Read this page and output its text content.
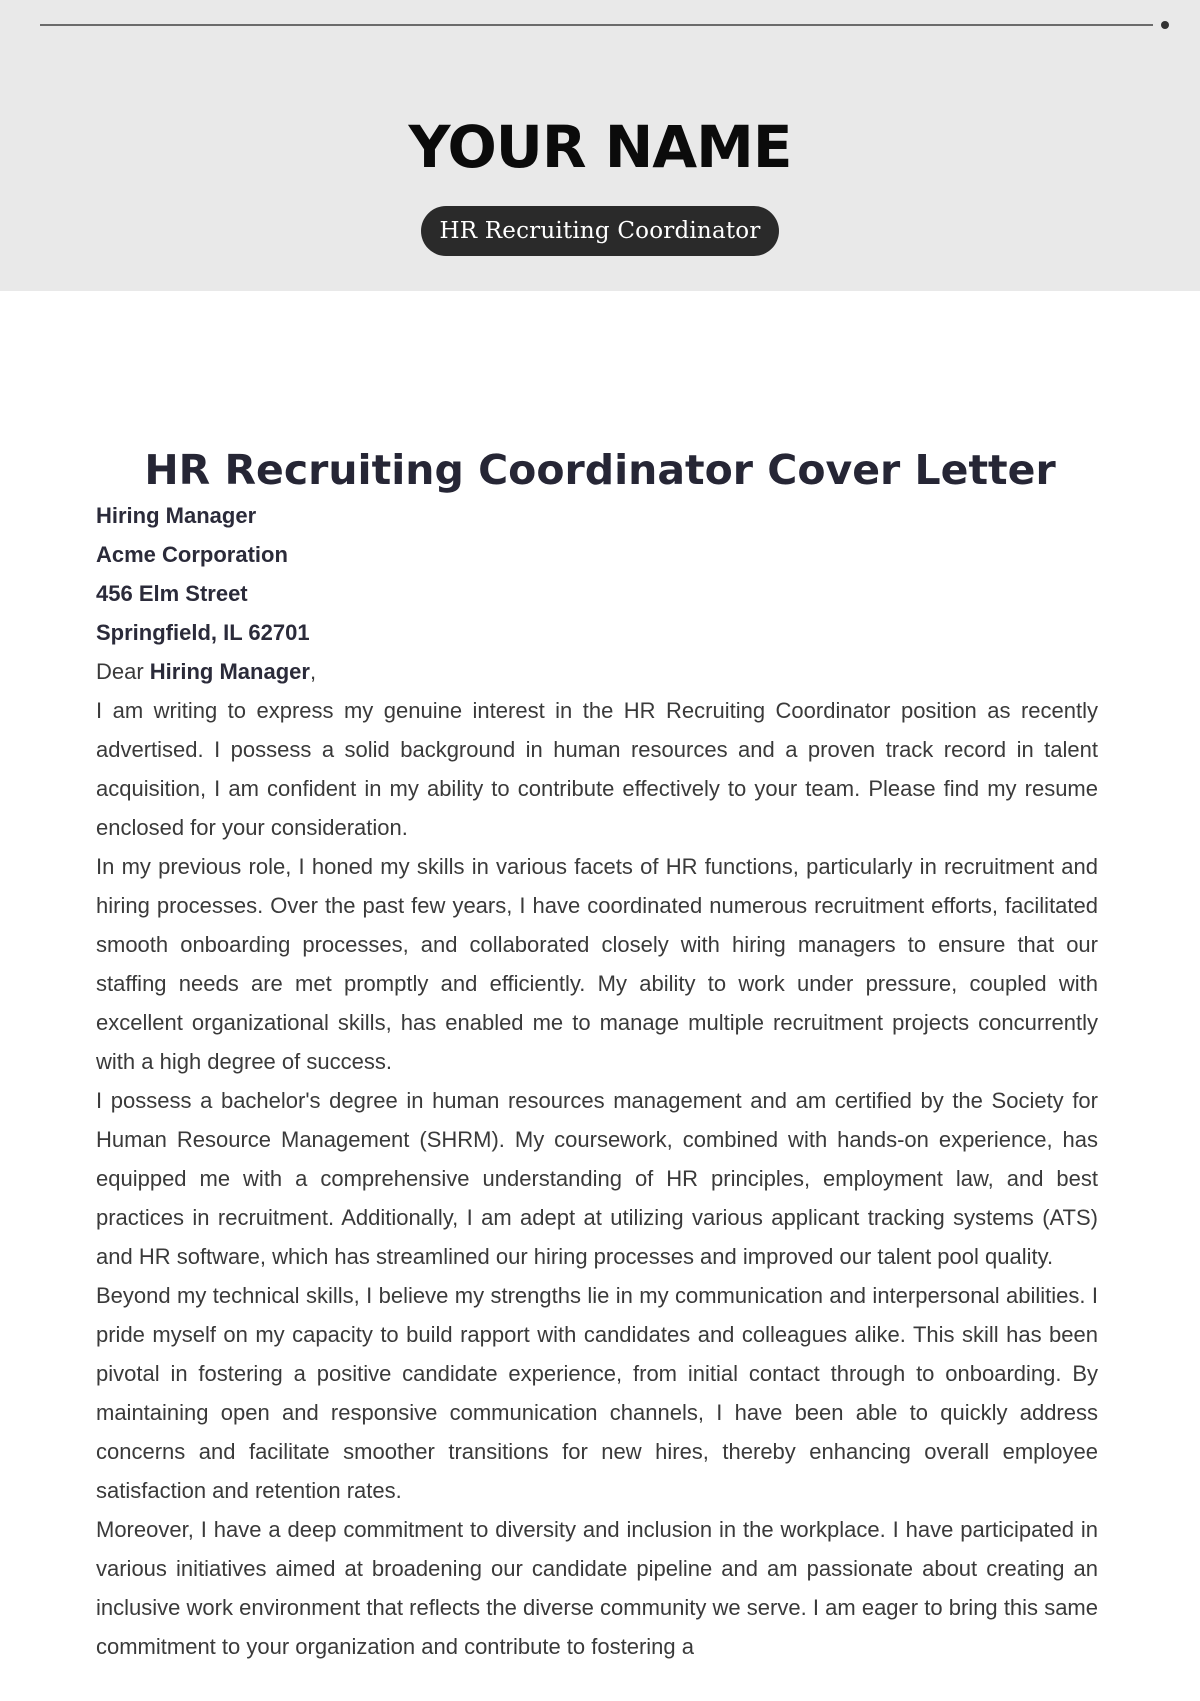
YOUR NAME
HR Recruiting Coordinator
HR Recruiting Coordinator Cover Letter
Hiring Manager
Acme Corporation
456 Elm Street
Springfield, IL 62701
Dear Hiring Manager,

I am writing to express my genuine interest in the HR Recruiting Coordinator position as recently advertised. I possess a solid background in human resources and a proven track record in talent acquisition, I am confident in my ability to contribute effectively to your team. Please find my resume enclosed for your consideration.

In my previous role, I honed my skills in various facets of HR functions, particularly in recruitment and hiring processes. Over the past few years, I have coordinated numerous recruitment efforts, facilitated smooth onboarding processes, and collaborated closely with hiring managers to ensure that our staffing needs are met promptly and efficiently. My ability to work under pressure, coupled with excellent organizational skills, has enabled me to manage multiple recruitment projects concurrently with a high degree of success.

I possess a bachelor's degree in human resources management and am certified by the Society for Human Resource Management (SHRM). My coursework, combined with hands-on experience, has equipped me with a comprehensive understanding of HR principles, employment law, and best practices in recruitment. Additionally, I am adept at utilizing various applicant tracking systems (ATS) and HR software, which has streamlined our hiring processes and improved our talent pool quality.

Beyond my technical skills, I believe my strengths lie in my communication and interpersonal abilities. I pride myself on my capacity to build rapport with candidates and colleagues alike. This skill has been pivotal in fostering a positive candidate experience, from initial contact through to onboarding. By maintaining open and responsive communication channels, I have been able to quickly address concerns and facilitate smoother transitions for new hires, thereby enhancing overall employee satisfaction and retention rates.

Moreover, I have a deep commitment to diversity and inclusion in the workplace. I have participated in various initiatives aimed at broadening our candidate pipeline and am passionate about creating an inclusive work environment that reflects the diverse community we serve. I am eager to bring this same commitment to your organization and contribute to fostering a
